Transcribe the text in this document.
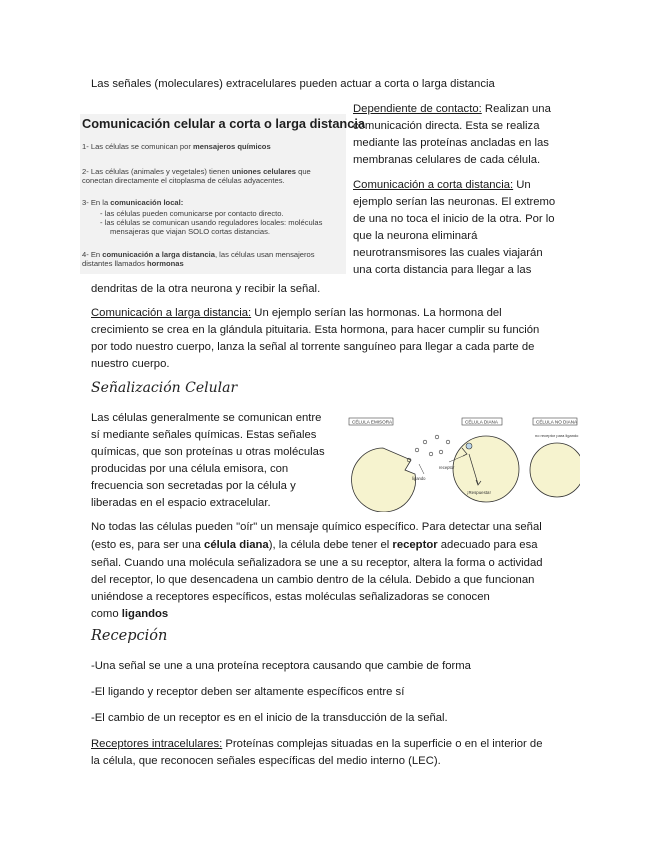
Las señales (moleculares) extracelulares pueden actuar a corta o larga distancia
Comunicación celular a corta o larga distancia
1- Las células se comunican por mensajeros químicos
2- Las células (animales y vegetales) tienen uniones celulares que
conectan directamente el citoplasma de células adyacentes.
3- En la comunicación local:
- las células pueden comunicarse por contacto directo.
- las células se comunican usando reguladores locales: moléculas
mensajeras que viajan SOLO cortas distancias.
4- En comunicación a larga distancia, las células usan mensajeros
distantes llamados hormonas
Dependiente de contacto: Realizan una
comunicación directa. Esta se realiza
mediante las proteínas ancladas en las
membranas celulares de cada célula.
Comunicación a corta distancia: Un
ejemplo serían las neuronas. El extremo
de una no toca el inicio de la otra. Por lo
que la neurona eliminará
neurotransmisores las cuales viajarán
una corta distancia para llegar a las
dendritas de la otra neurona y recibir la señal.
Comunicación a larga distancia: Un ejemplo serían las hormonas. La hormona del
crecimiento se crea en la glándula pituitaria. Esta hormona, para hacer cumplir su función
por todo nuestro cuerpo, lanza la señal al torrente sanguíneo para llegar a cada parte de
nuestro cuerpo.
Señalización Celular
Las células generalmente se comunican entre
sí mediante señales químicas. Estas señales
químicas, que son proteínas u otras moléculas
producidas por una célula emisora, con
frecuencia son secretadas por la célula y
liberadas en el espacio extracelular.
CÉLULA EMISORA	CÉLULA DIANA	CÉLULA NO DIANA
ligando
receptor
¡Respuesta!
no receptor para ligando
No todas las células pueden "oír" un mensaje químico específico. Para detectar una señal
(esto es, para ser una célula diana), la célula debe tener el receptor adecuado para esa
señal. Cuando una molécula señalizadora se une a su receptor, altera la forma o actividad
del receptor, lo que desencadena un cambio dentro de la célula. Debido a que funcionan
uniéndose a receptores específicos, estas moléculas señalizadoras se conocen
como ligandos
Recepción
-Una señal se une a una proteína receptora causando que cambie de forma
-El ligando y receptor deben ser altamente específicos entre sí
-El cambio de un receptor es en el inicio de la transducción de la señal.
Receptores intracelulares: Proteínas complejas situadas en la superficie o en el interior de
la célula, que reconocen señales específicas del medio interno (LEC).
